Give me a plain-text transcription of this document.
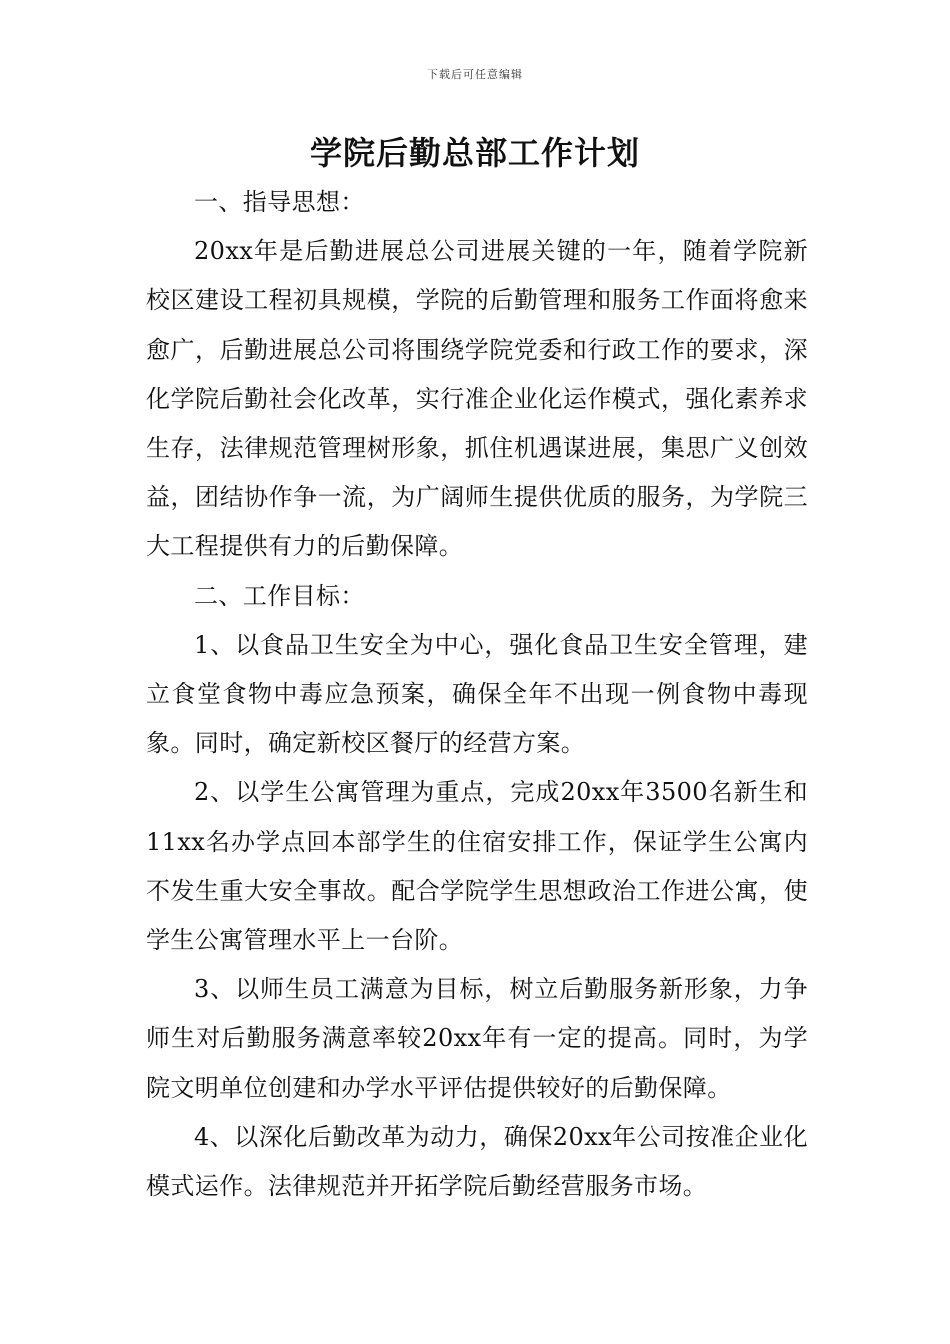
下载后可任意编辑
学院后勤总部工作计划

一、指导思想：

20xx年是后勤进展总公司进展关键的一年，随着学院新校区建设工程初具规模，学院的后勤管理和服务工作面将愈来愈广，后勤进展总公司将围绕学院党委和行政工作的要求，深化学院后勤社会化改革，实行准企业化运作模式，强化素养求生存，法律规范管理树形象，抓住机遇谋进展，集思广义创效益，团结协作争一流，为广阔师生提供优质的服务，为学院三大工程提供有力的后勤保障。

二、工作目标：

1、以食品卫生安全为中心，强化食品卫生安全管理，建立食堂食物中毒应急预案，确保全年不出现一例食物中毒现象。同时，确定新校区餐厅的经营方案。

2、以学生公寓管理为重点，完成20xx年3500名新生和11xx名办学点回本部学生的住宿安排工作，保证学生公寓内不发生重大安全事故。配合学院学生思想政治工作进公寓，使学生公寓管理水平上一台阶。

3、以师生员工满意为目标，树立后勤服务新形象，力争师生对后勤服务满意率较20xx年有一定的提高。同时，为学院文明单位创建和办学水平评估提供较好的后勤保障。

4、以深化后勤改革为动力，确保20xx年公司按准企业化模式运作。法律规范并开拓学院后勤经营服务市场。
